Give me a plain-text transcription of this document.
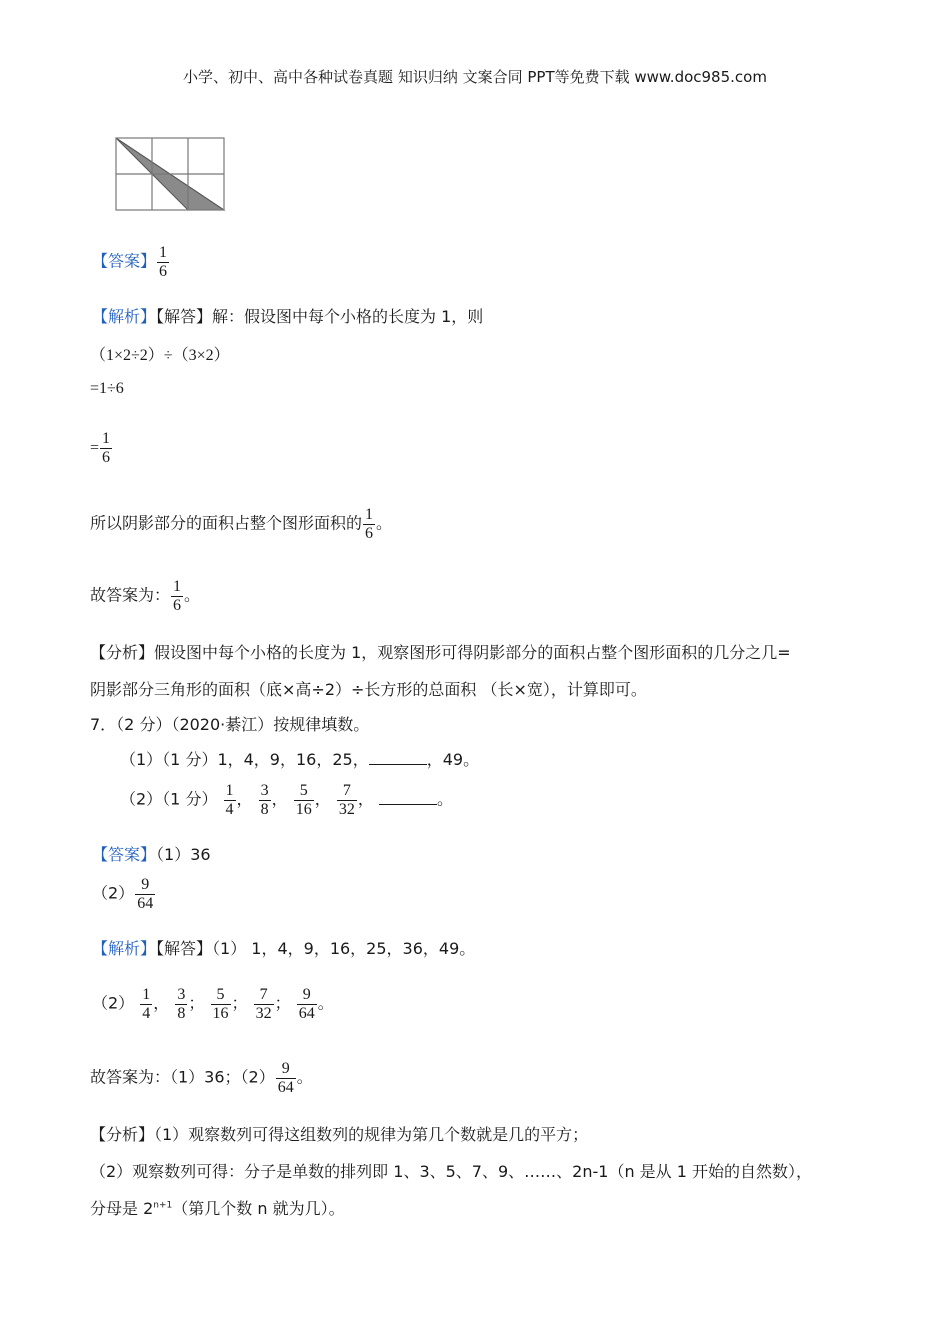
小学、初中、高中各种试卷真题 知识归纳 文案合同 PPT等免费下载 www.doc985.com
【答案】 $\frac{1}{6}$
【解析】【解答】解：假设图中每个小格的长度为 1，则
（1×2÷2）÷（3×2）
=1÷6
= $\frac{1}{6}$
所以阴影部分的面积占整个图形面积的 $\frac{1}{6}$ 。
故答案为： $\frac{1}{6}$ 。
【分析】假设图中每个小格的长度为 1，观察图形可得阴影部分的面积占整个图形面积的几分之几=
阴影部分三角形的面积（底×高÷2）÷长方形的总面积 （长×宽），计算即可。
7．（2 分）（2020·綦江）按规律填数。
（1）（1 分）1，4，9，16，25，	，49。
（2）（1 分） $\frac{1}{4}$ ， $\frac{3}{8}$ ， $\frac{5}{16}$ ， $\frac{7}{32}$ ，	。
【答案】（1）36
$(2) \frac{9}{64}$
【解析】【解答】（1） 1，4，9，16，25，36，49。
$(2) \frac{1}{4}$ ， $\frac{3}{8}$ ； $\frac{5}{16}$ ； $\frac{7}{32}$ ； $\frac{9}{64}$ 。
故答案为：（1）36；$(2) \frac{9}{64}$ 。
【分析】（1）观察数列可得这组数列的规律为第几个数就是几的平方；
（2）观察数列可得：分子是单数的排列即 1、3、5、7、9、……、2n-1（n 是从 1 开始的自然数），
分母是 $2^{n+1}$（第几个数 n 就为几）。
